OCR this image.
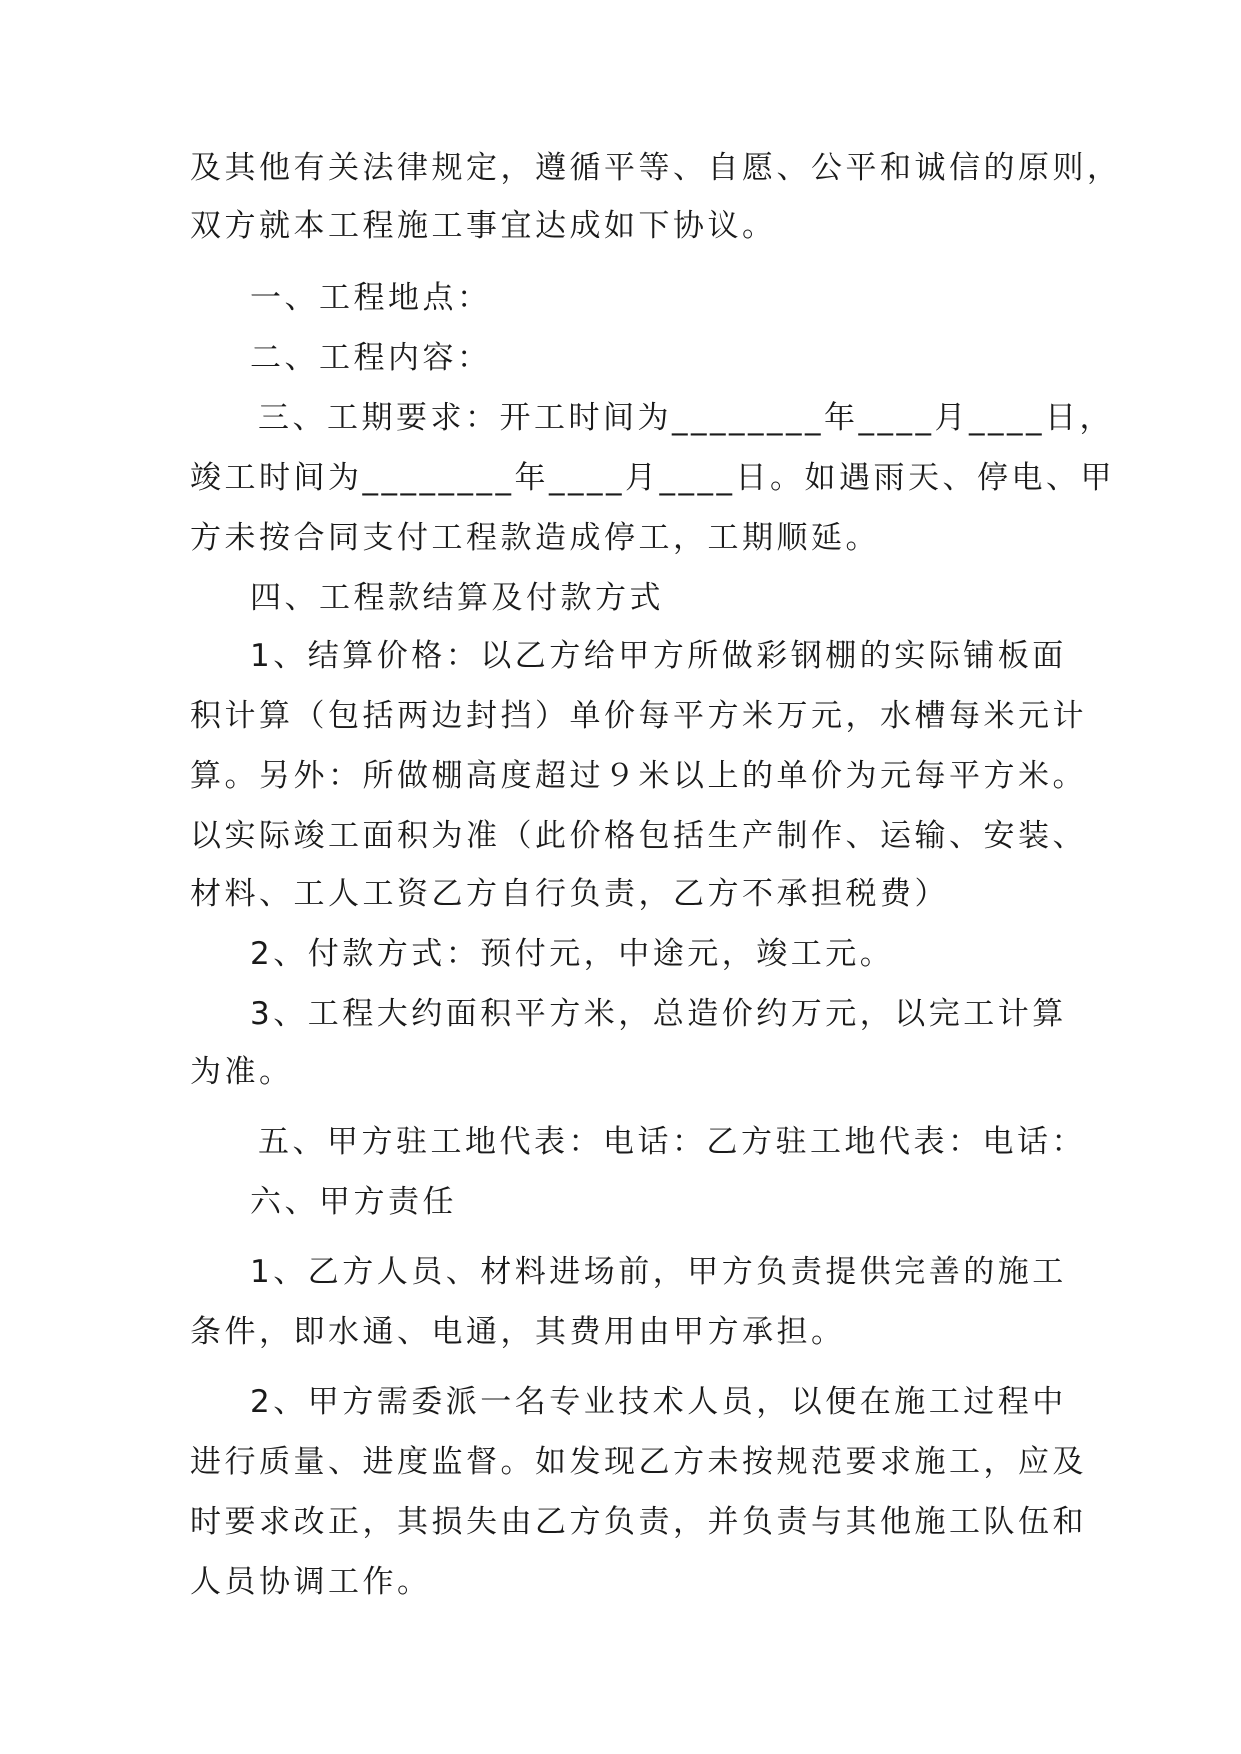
及其他有关法律规定，遵循平等、自愿、公平和诚信的原则，
双方就本工程施工事宜达成如下协议。
一、工程地点：
二、工程内容：
三、工期要求：开工时间为________年____月____日，
竣工时间为________年____月____日。如遇雨天、停电、甲
方未按合同支付工程款造成停工，工期顺延。
四、工程款结算及付款方式
1、结算价格：以乙方给甲方所做彩钢棚的实际铺板面
积计算（包括两边封挡）单价每平方米万元，水槽每米元计
算。另外：所做棚高度超过９米以上的单价为元每平方米。
以实际竣工面积为准（此价格包括生产制作、运输、安装、
材料、工人工资乙方自行负责，乙方不承担税费）
2、付款方式：预付元，中途元，竣工元。
3、工程大约面积平方米，总造价约万元，以完工计算
为准。
五、甲方驻工地代表：电话：乙方驻工地代表：电话：
六、甲方责任
1、乙方人员、材料进场前，甲方负责提供完善的施工
条件，即水通、电通，其费用由甲方承担。
2、甲方需委派一名专业技术人员，以便在施工过程中
进行质量、进度监督。如发现乙方未按规范要求施工，应及
时要求改正，其损失由乙方负责，并负责与其他施工队伍和
人员协调工作。
